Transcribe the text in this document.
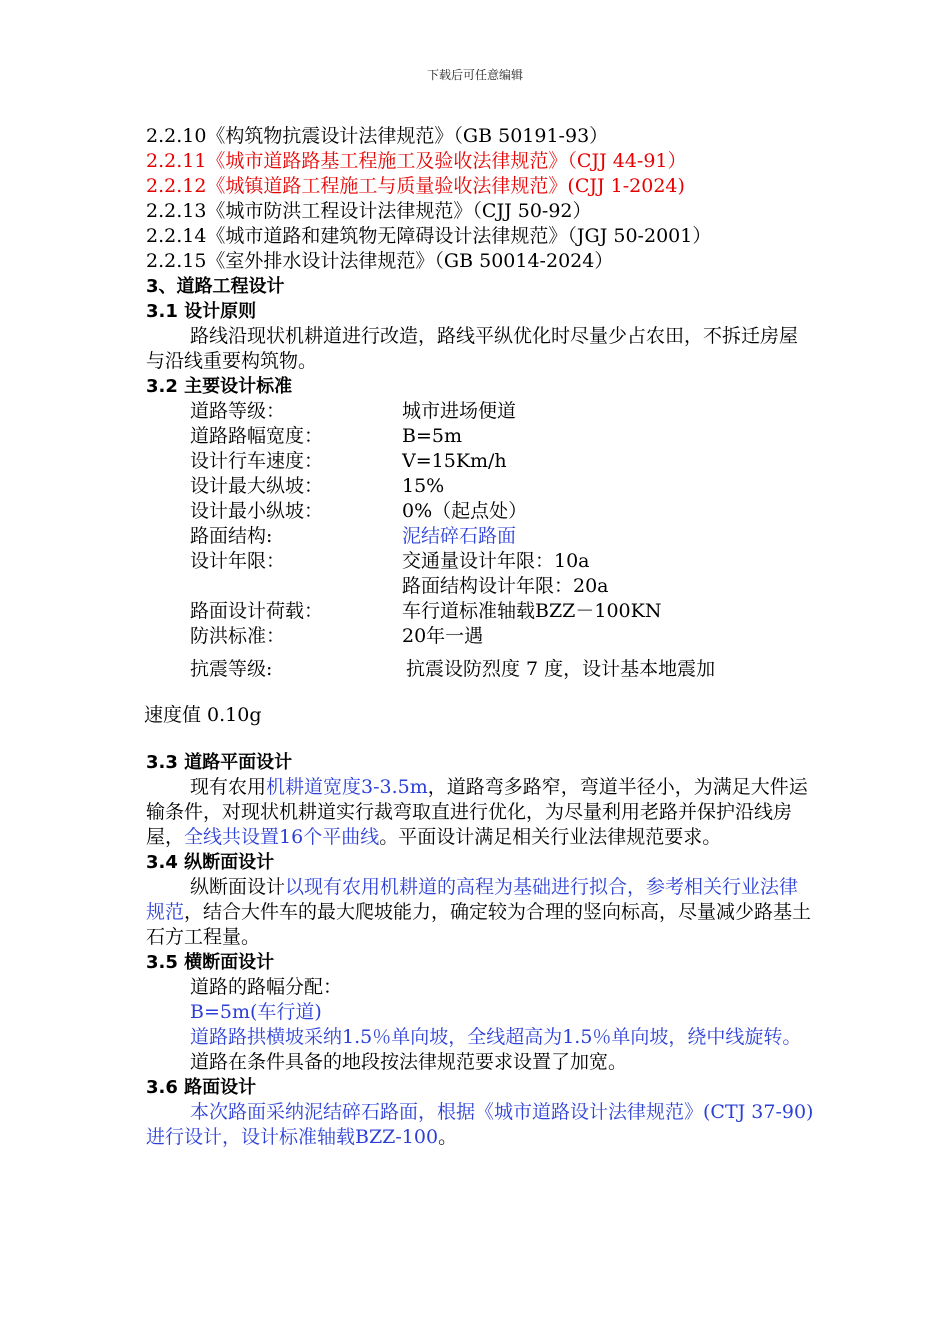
下载后可任意编辑
2.2.10《构筑物抗震设计法律规范》（GB 50191-93）
2.2.11《城市道路路基工程施工及验收法律规范》（CJJ 44-91）
2.2.12《城镇道路工程施工与质量验收法律规范》(CJJ 1-2024)
2.2.13《城市防洪工程设计法律规范》（CJJ 50-92）
2.2.14《城市道路和建筑物无障碍设计法律规范》（JGJ 50-2001）
2.2.15《室外排水设计法律规范》（GB 50014-2024）
3、道路工程设计
3.1 设计原则
路线沿现状机耕道进行改造，路线平纵优化时尽量少占农田，不拆迁房屋与沿线重要构筑物。
3.2 主要设计标准
道路等级：	城市进场便道
道路路幅宽度：	B=5m
设计行车速度：	V=15Km/h
设计最大纵坡：	15%
设计最小纵坡：	0%（起点处）
路面结构:	泥结碎石路面
设计年限：	交通量设计年限：10a
路面结构设计年限：20a
路面设计荷载：	车行道标准轴载BZZ－100KN
防洪标准：	20年一遇
抗震等级:	抗震设防烈度 7 度，设计基本地震加
速度值 0.10g
3.3 道路平面设计
现有农用机耕道宽度3-3.5m，道路弯多路窄，弯道半径小，为满足大件运输条件，对现状机耕道实行裁弯取直进行优化，为尽量利用老路并保护沿线房屋，全线共设置16个平曲线。平面设计满足相关行业法律规范要求。
3.4 纵断面设计
纵断面设计以现有农用机耕道的高程为基础进行拟合，参考相关行业法律规范，结合大件车的最大爬坡能力，确定较为合理的竖向标高，尽量减少路基土石方工程量。
3.5 横断面设计
道路的路幅分配：
B=5m(车行道)
道路路拱横坡采纳1.5％单向坡，全线超高为1.5％单向坡，绕中线旋转。
道路在条件具备的地段按法律规范要求设置了加宽。
3.6 路面设计
本次路面采纳泥结碎石路面，根据《城市道路设计法律规范》(CTJ 37-90)进行设计，设计标准轴载BZZ-100。
